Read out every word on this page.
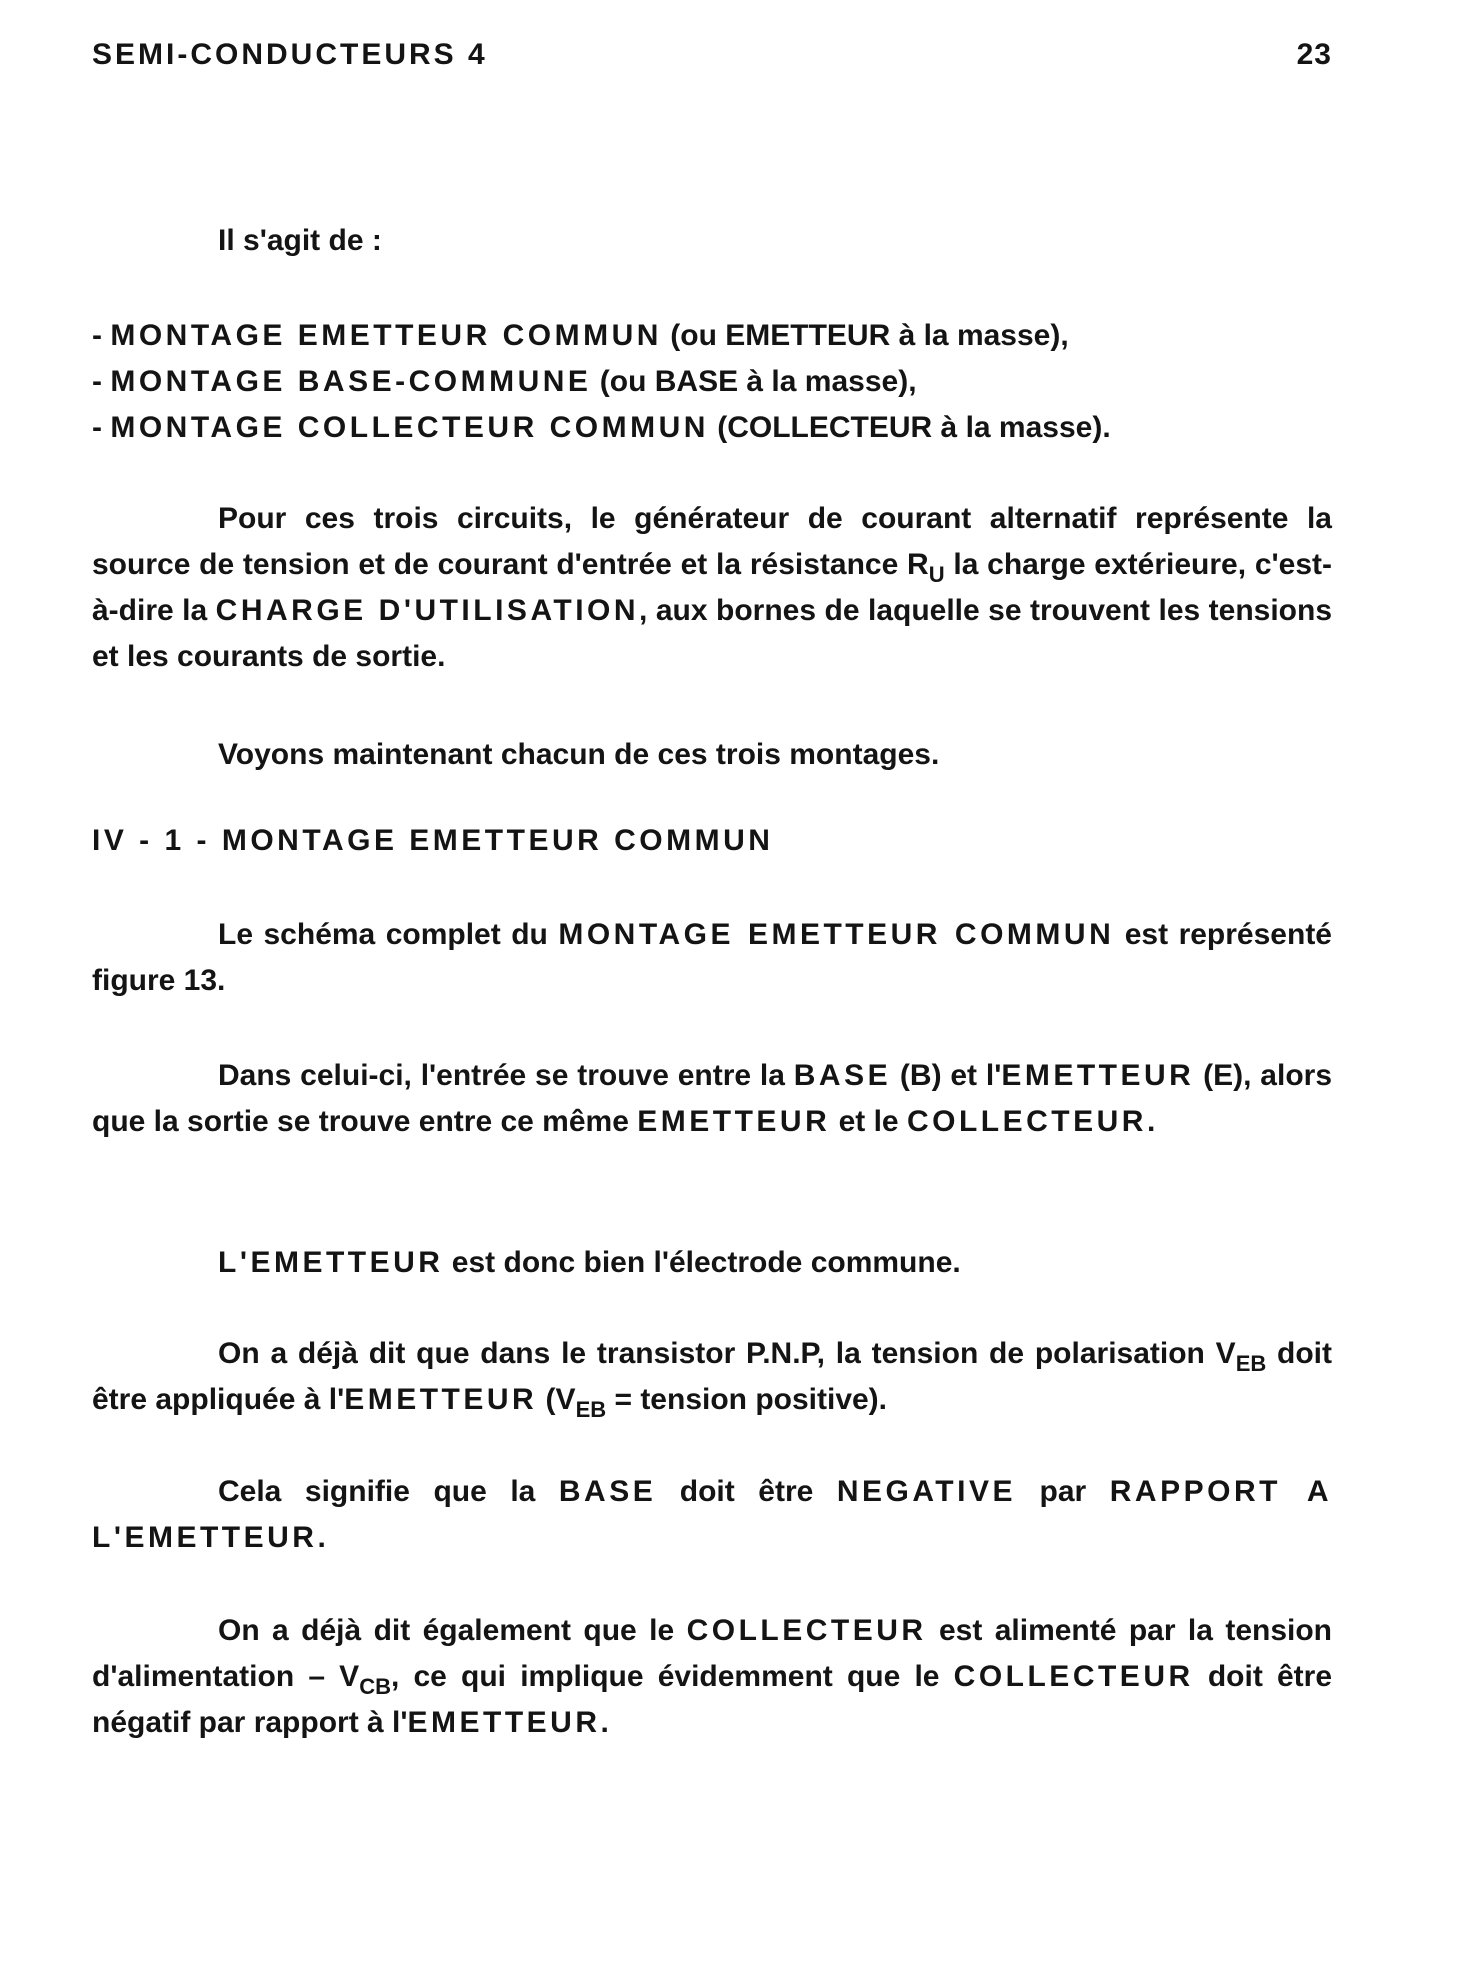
SEMI-CONDUCTEURS 4	23
Il s'agit de :
- MONTAGE EMETTEUR COMMUN (ou EMETTEUR à la masse),
- MONTAGE BASE-COMMUNE (ou BASE à la masse),
- MONTAGE COLLECTEUR COMMUN (COLLECTEUR à la masse).
Pour ces trois circuits, le générateur de courant alternatif représente la source de tension et de courant d'entrée et la résistance $R_U$ la charge extérieure, c'est-à-dire la CHARGE D'UTILISATION, aux bornes de laquelle se trouvent les tensions et les courants de sortie.
Voyons maintenant chacun de ces trois montages.
IV - 1 - MONTAGE EMETTEUR COMMUN
Le schéma complet du MONTAGE EMETTEUR COMMUN est représenté figure 13.
Dans celui-ci, l'entrée se trouve entre la BASE (B) et l'EMETTEUR (E), alors que la sortie se trouve entre ce même EMETTEUR et le COLLECTEUR.
L'EMETTEUR est donc bien l'électrode commune.
On a déjà dit que dans le transistor P.N.P, la tension de polarisation $V_{EB}$ doit être appliquée à l'EMETTEUR ($V_{EB}$ = tension positive).
Cela signifie que la BASE doit être NEGATIVE par RAPPORT A L'EMETTEUR.
On a déjà dit également que le COLLECTEUR est alimenté par la tension d'alimentation – $V_{CB}$, ce qui implique évidemment que le COLLECTEUR doit être négatif par rapport à l'EMETTEUR.
